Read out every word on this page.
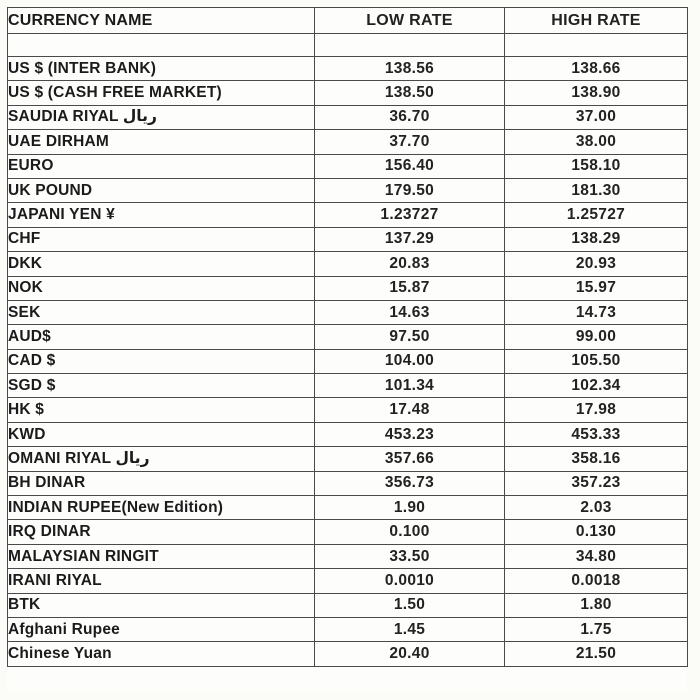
CURRENCY NAME	LOW RATE	HIGH RATE

US $ (INTER BANK)	138.56	138.66
US $ (CASH FREE MARKET)	138.50	138.90
SAUDIA RIYAL ریال	36.70	37.00
UAE DIRHAM	37.70	38.00
EURO	156.40	158.10
UK POUND	179.50	181.30
JAPANI YEN ¥	1.23727	1.25727
CHF	137.29	138.29
DKK	20.83	20.93
NOK	15.87	15.97
SEK	14.63	14.73
AUD$	97.50	99.00
CAD $	104.00	105.50
SGD $	101.34	102.34
HK $	17.48	17.98
KWD	453.23	453.33
OMANI RIYAL ریال	357.66	358.16
BH DINAR	356.73	357.23
INDIAN RUPEE(New Edition)	1.90	2.03
IRQ DINAR	0.100	0.130
MALAYSIAN RINGIT	33.50	34.80
IRANI RIYAL	0.0010	0.0018
BTK	1.50	1.80
Afghani Rupee	1.45	1.75
Chinese Yuan	20.40	21.50
